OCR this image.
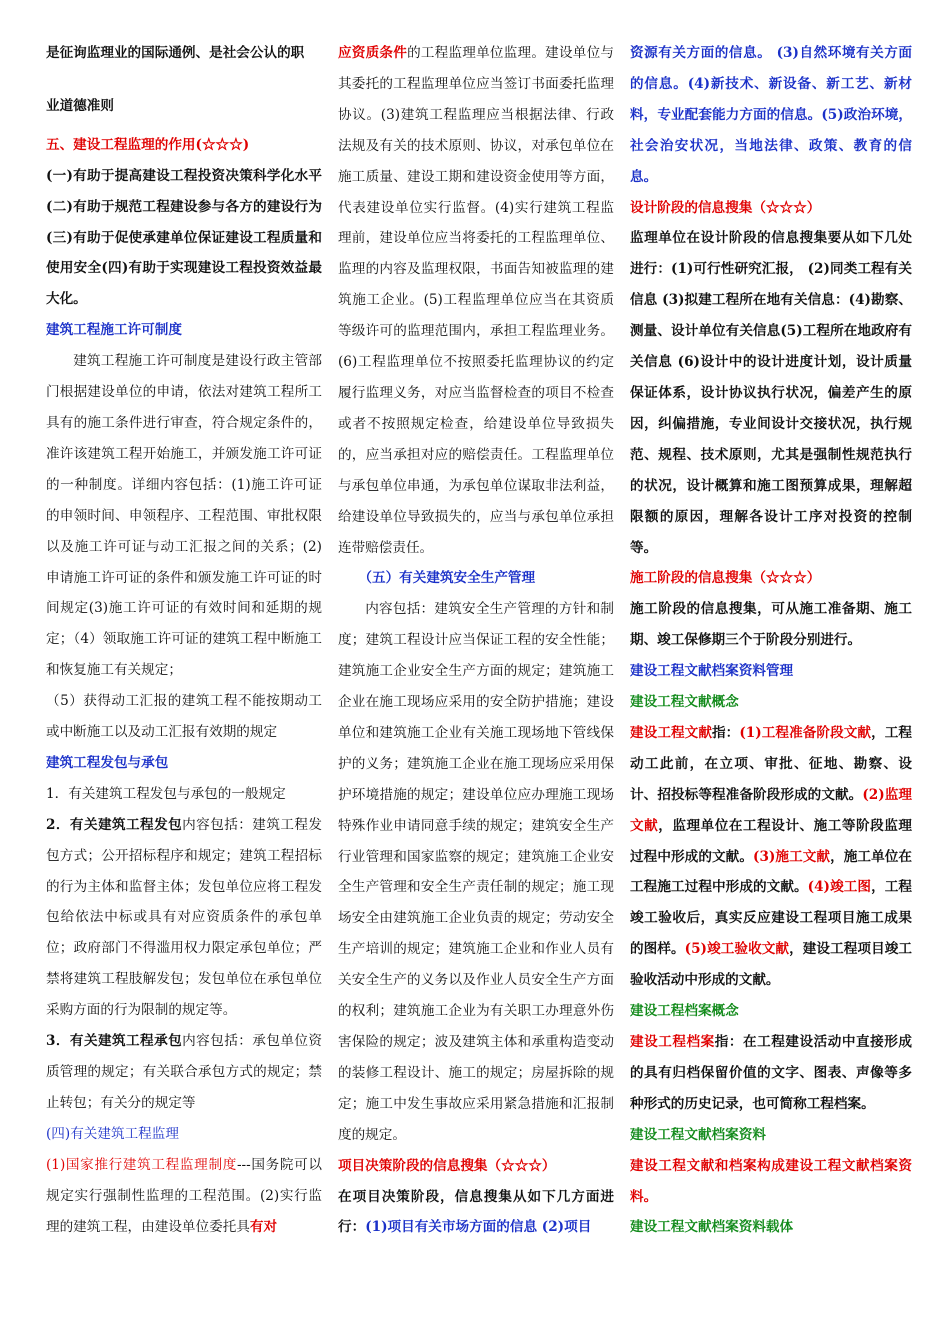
是征询监理业的国际通例、是社会公认的职

业道德准则

五、建设工程监理的作用(☆☆☆)

(一)有助于提高建设工程投资决策科学化水平(二)有助于规范工程建设参与各方的建设行为(三)有助于促使承建单位保证建设工程质量和使用安全(四)有助于实现建设工程投资效益最大化。

建筑工程施工许可制度

建筑工程施工许可制度是建设行政主管部门根据建设单位的申请，依法对建筑工程所工具有的施工条件进行审查，符合规定条件的，准许该建筑工程开始施工，并颁发施工许可证的一种制度。详细内容包括：(1)施工许可证的申领时间、申领程序、工程范围、审批权限以及施工许可证与动工汇报之间的关系；(2)申请施工许可证的条件和颁发施工许可证的时间规定(3)施工许可证的有效时间和延期的规定；（4）领取施工许可证的建筑工程中断施工和恢复施工有关规定；

（5）获得动工汇报的建筑工程不能按期动工或中断施工以及动工汇报有效期的规定

建筑工程发包与承包

1．有关建筑工程发包与承包的一般规定

2．有关建筑工程发包内容包括：建筑工程发包方式；公开招标程序和规定；建筑工程招标的行为主体和监督主体；发包单位应将工程发包给依法中标或具有对应资质条件的承包单位；政府部门不得滥用权力限定承包单位；严禁将建筑工程肢解发包；发包单位在承包单位采购方面的行为限制的规定等。

3．有关建筑工程承包内容包括：承包单位资质管理的规定；有关联合承包方式的规定；禁止转包；有关分的规定等

(四)有关建筑工程监理

(1)国家推行建筑工程监理制度---国务院可以规定实行强制性监理的工程范围。(2)实行监理的建筑工程，由建设单位委托具有对

应资质条件的工程监理单位监理。建设单位与其委托的工程监理单位应当签订书面委托监理协议。(3)建筑工程监理应当根据法律、行政法规及有关的技术原则、协议，对承包单位在施工质量、建设工期和建设资金使用等方面，代表建设单位实行监督。(4)实行建筑工程监理前，建设单位应当将委托的工程监理单位、监理的内容及监理权限，书面告知被监理的建筑施工企业。(5)工程监理单位应当在其资质等级许可的监理范围内，承担工程监理业务。(6)工程监理单位不按照委托监理协议的约定履行监理义务，对应当监督检查的项目不检查或者不按照规定检查，给建设单位导致损失的，应当承担对应的赔偿责任。工程监理单位与承包单位串通，为承包单位谋取非法利益，给建设单位导致损失的，应当与承包单位承担连带赔偿责任。

（五）有关建筑安全生产管理

内容包括：建筑安全生产管理的方针和制度；建筑工程设计应当保证工程的安全性能；建筑施工企业安全生产方面的规定；建筑施工企业在施工现场应采用的安全防护措施；建设单位和建筑施工企业有关施工现场地下管线保护的义务；建筑施工企业在施工现场应采用保护环境措施的规定；建设单位应办理施工现场特殊作业申请同意手续的规定；建筑安全生产行业管理和国家监察的规定；建筑施工企业安全生产管理和安全生产责任制的规定；施工现场安全由建筑施工企业负责的规定；劳动安全生产培训的规定；建筑施工企业和作业人员有关安全生产的义务以及作业人员安全生产方面的权利；建筑施工企业为有关职工办理意外伤害保险的规定；波及建筑主体和承重构造变动的装修工程设计、施工的规定；房屋拆除的规定；施工中发生事故应采用紧急措施和汇报制度的规定。

项目决策阶段的信息搜集（☆☆☆）

在项目决策阶段，信息搜集从如下几方面进行：(1)项目有关市场方面的信息 (2)项目

资源有关方面的信息。 (3)自然环境有关方面的信息。(4)新技术、新设备、新工艺、新材料，专业配套能力方面的信息。(5)政治环境，社会治安状况，当地法律、政策、教育的信息。

设计阶段的信息搜集（☆☆☆）

监理单位在设计阶段的信息搜集要从如下几处进行：(1)可行性研究汇报， (2)同类工程有关信息 (3)拟建工程所在地有关信息：(4)勘察、测量、设计单位有关信息(5)工程所在地政府有关信息 (6)设计中的设计进度计划，设计质量保证体系，设计协议执行状况，偏差产生的原因，纠偏措施，专业间设计交接状况，执行规范、规程、技术原则，尤其是强制性规范执行的状况，设计概算和施工图预算成果，理解超限额的原因，理解各设计工序对投资的控制等。

施工阶段的信息搜集（☆☆☆）

施工阶段的信息搜集，可从施工准备期、施工期、竣工保修期三个于阶段分别进行。

建设工程文献档案资料管理

建设工程文献概念

建设工程文献指：(1)工程准备阶段文献，工程动工此前，在立项、审批、征地、勘察、设计、招投标等程准备阶段形成的文献。(2)监理文献，监理单位在工程设计、施工等阶段监理过程中形成的文献。(3)施工文献，施工单位在工程施工过程中形成的文献。(4)竣工图，工程竣工验收后，真实反应建设工程项目施工成果的图样。(5)竣工验收文献，建设工程项目竣工验收活动中形成的文献。

建设工程档案概念

建设工程档案指：在工程建设活动中直接形成的具有归档保留价值的文字、图表、声像等多种形式的历史记录，也可简称工程档案。

建设工程文献档案资料

建设工程文献和档案构成建设工程文献档案资料。

建设工程文献档案资料载体
